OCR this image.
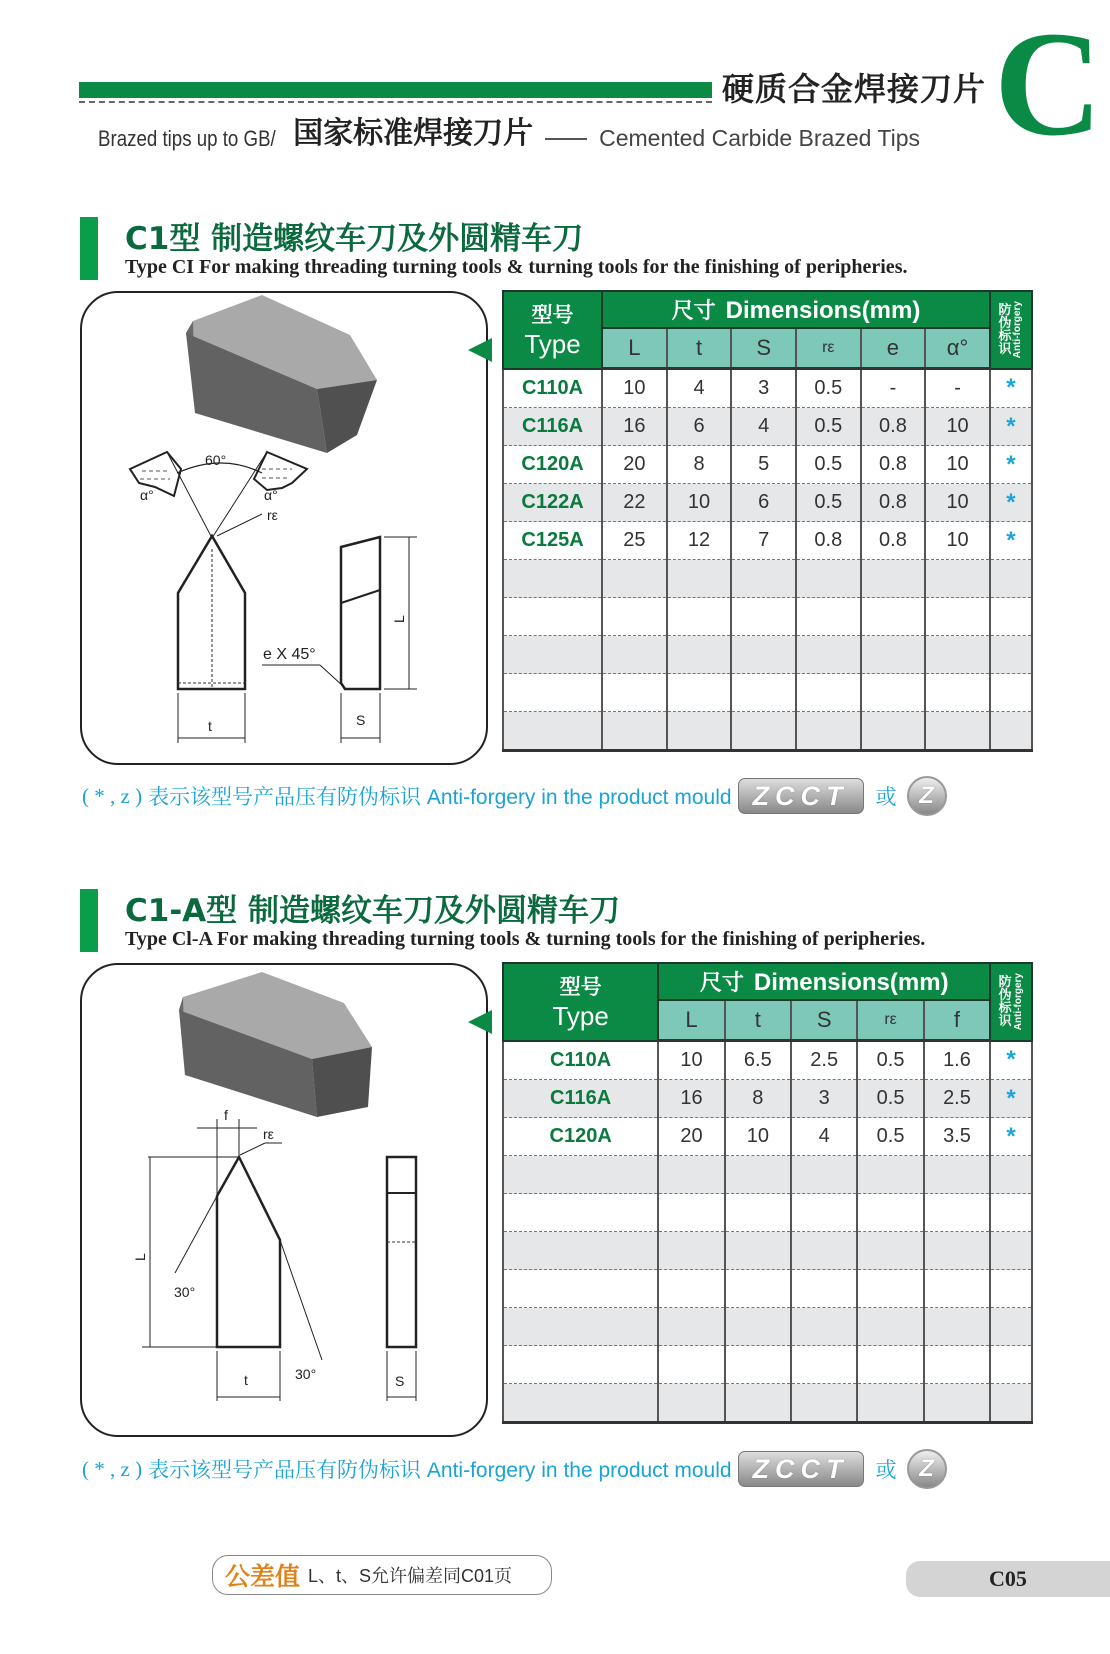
硬质合金焊接刀片
Brazed tips up to GB/ 国家标准焊接刀片	Cemented Carbide Brazed Tips C
C1型 制造螺纹车刀及外圆精车刀
Type CI For making threading turning tools & turning tools for the finishing of peripheries.
60°
α°	α°
rε
t
L
e X 45°
S
型号
Type	尺寸 Dimensions(mm)						防伪标识 Anti-forgery

	L	t	S	rε	e	α°	
C110A	10	4	3	0.5	-	-	*
C116A	16	6	4	0.5	0.8	10	*
C120A	20	8	5	0.5	0.8	10	*
C122A	22	10	6	0.5	0.8	10	*
C125A	25	12	7	0.8	0.8	10	*

( * , z ) 表示该型号产品压有防伪标识 Anti-forgery in the product mould ZCCT	或 Z
C1-A型 制造螺纹车刀及外圆精车刀
Type Cl-A For making threading turning tools & turning tools for the finishing of peripheries.
f
rε
L
30°
30°
t	S
型号
Type	尺寸 Dimensions(mm)					防伪标识 Anti-forgery

	L	t	S	rε	f	
C110A	10	6.5	2.5	0.5	1.6	*
C116A	16	8	3	0.5	2.5	*
C120A	20	10	4	0.5	3.5	*

( * , z ) 表示该型号产品压有防伪标识 Anti-forgery in the product mould ZCCT	或 Z
公差值 L、t、S允许偏差同C01页	C05
